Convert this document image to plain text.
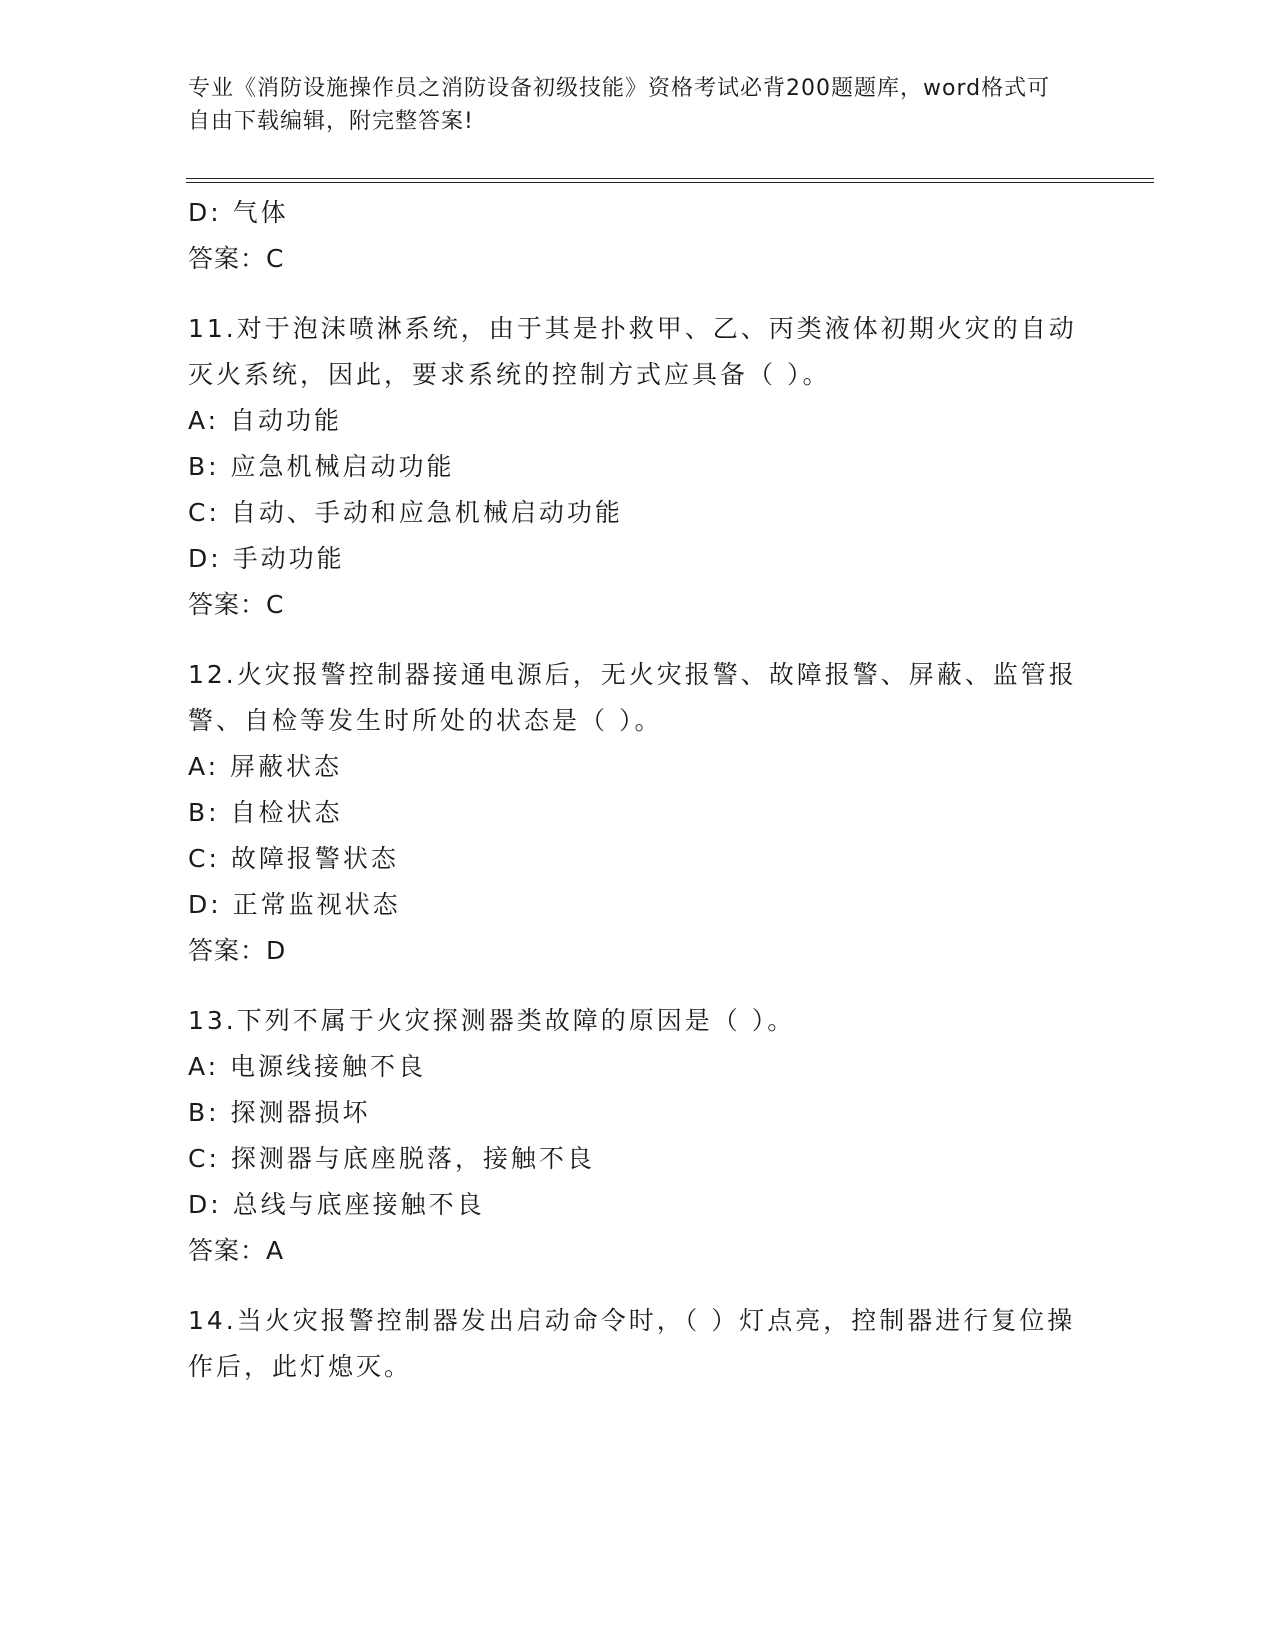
专业《消防设施操作员之消防设备初级技能》资格考试必背200题题库，word格式可自由下载编辑，附完整答案!
D: 气体
答案：C
11.对于泡沫喷淋系统，由于其是扑救甲、乙、丙类液体初期火灾的自动灭火系统，因此，要求系统的控制方式应具备（ ）。
A: 自动功能
B: 应急机械启动功能
C: 自动、手动和应急机械启动功能
D: 手动功能
答案：C
12.火灾报警控制器接通电源后，无火灾报警、故障报警、屏蔽、监管报警、自检等发生时所处的状态是（ ）。
A: 屏蔽状态
B: 自检状态
C: 故障报警状态
D: 正常监视状态
答案：D
13.下列不属于火灾探测器类故障的原因是（ ）。
A: 电源线接触不良
B: 探测器损坏
C: 探测器与底座脱落，接触不良
D: 总线与底座接触不良
答案：A
14.当火灾报警控制器发出启动命令时，（ ）灯点亮，控制器进行复位操作后，此灯熄灭。
